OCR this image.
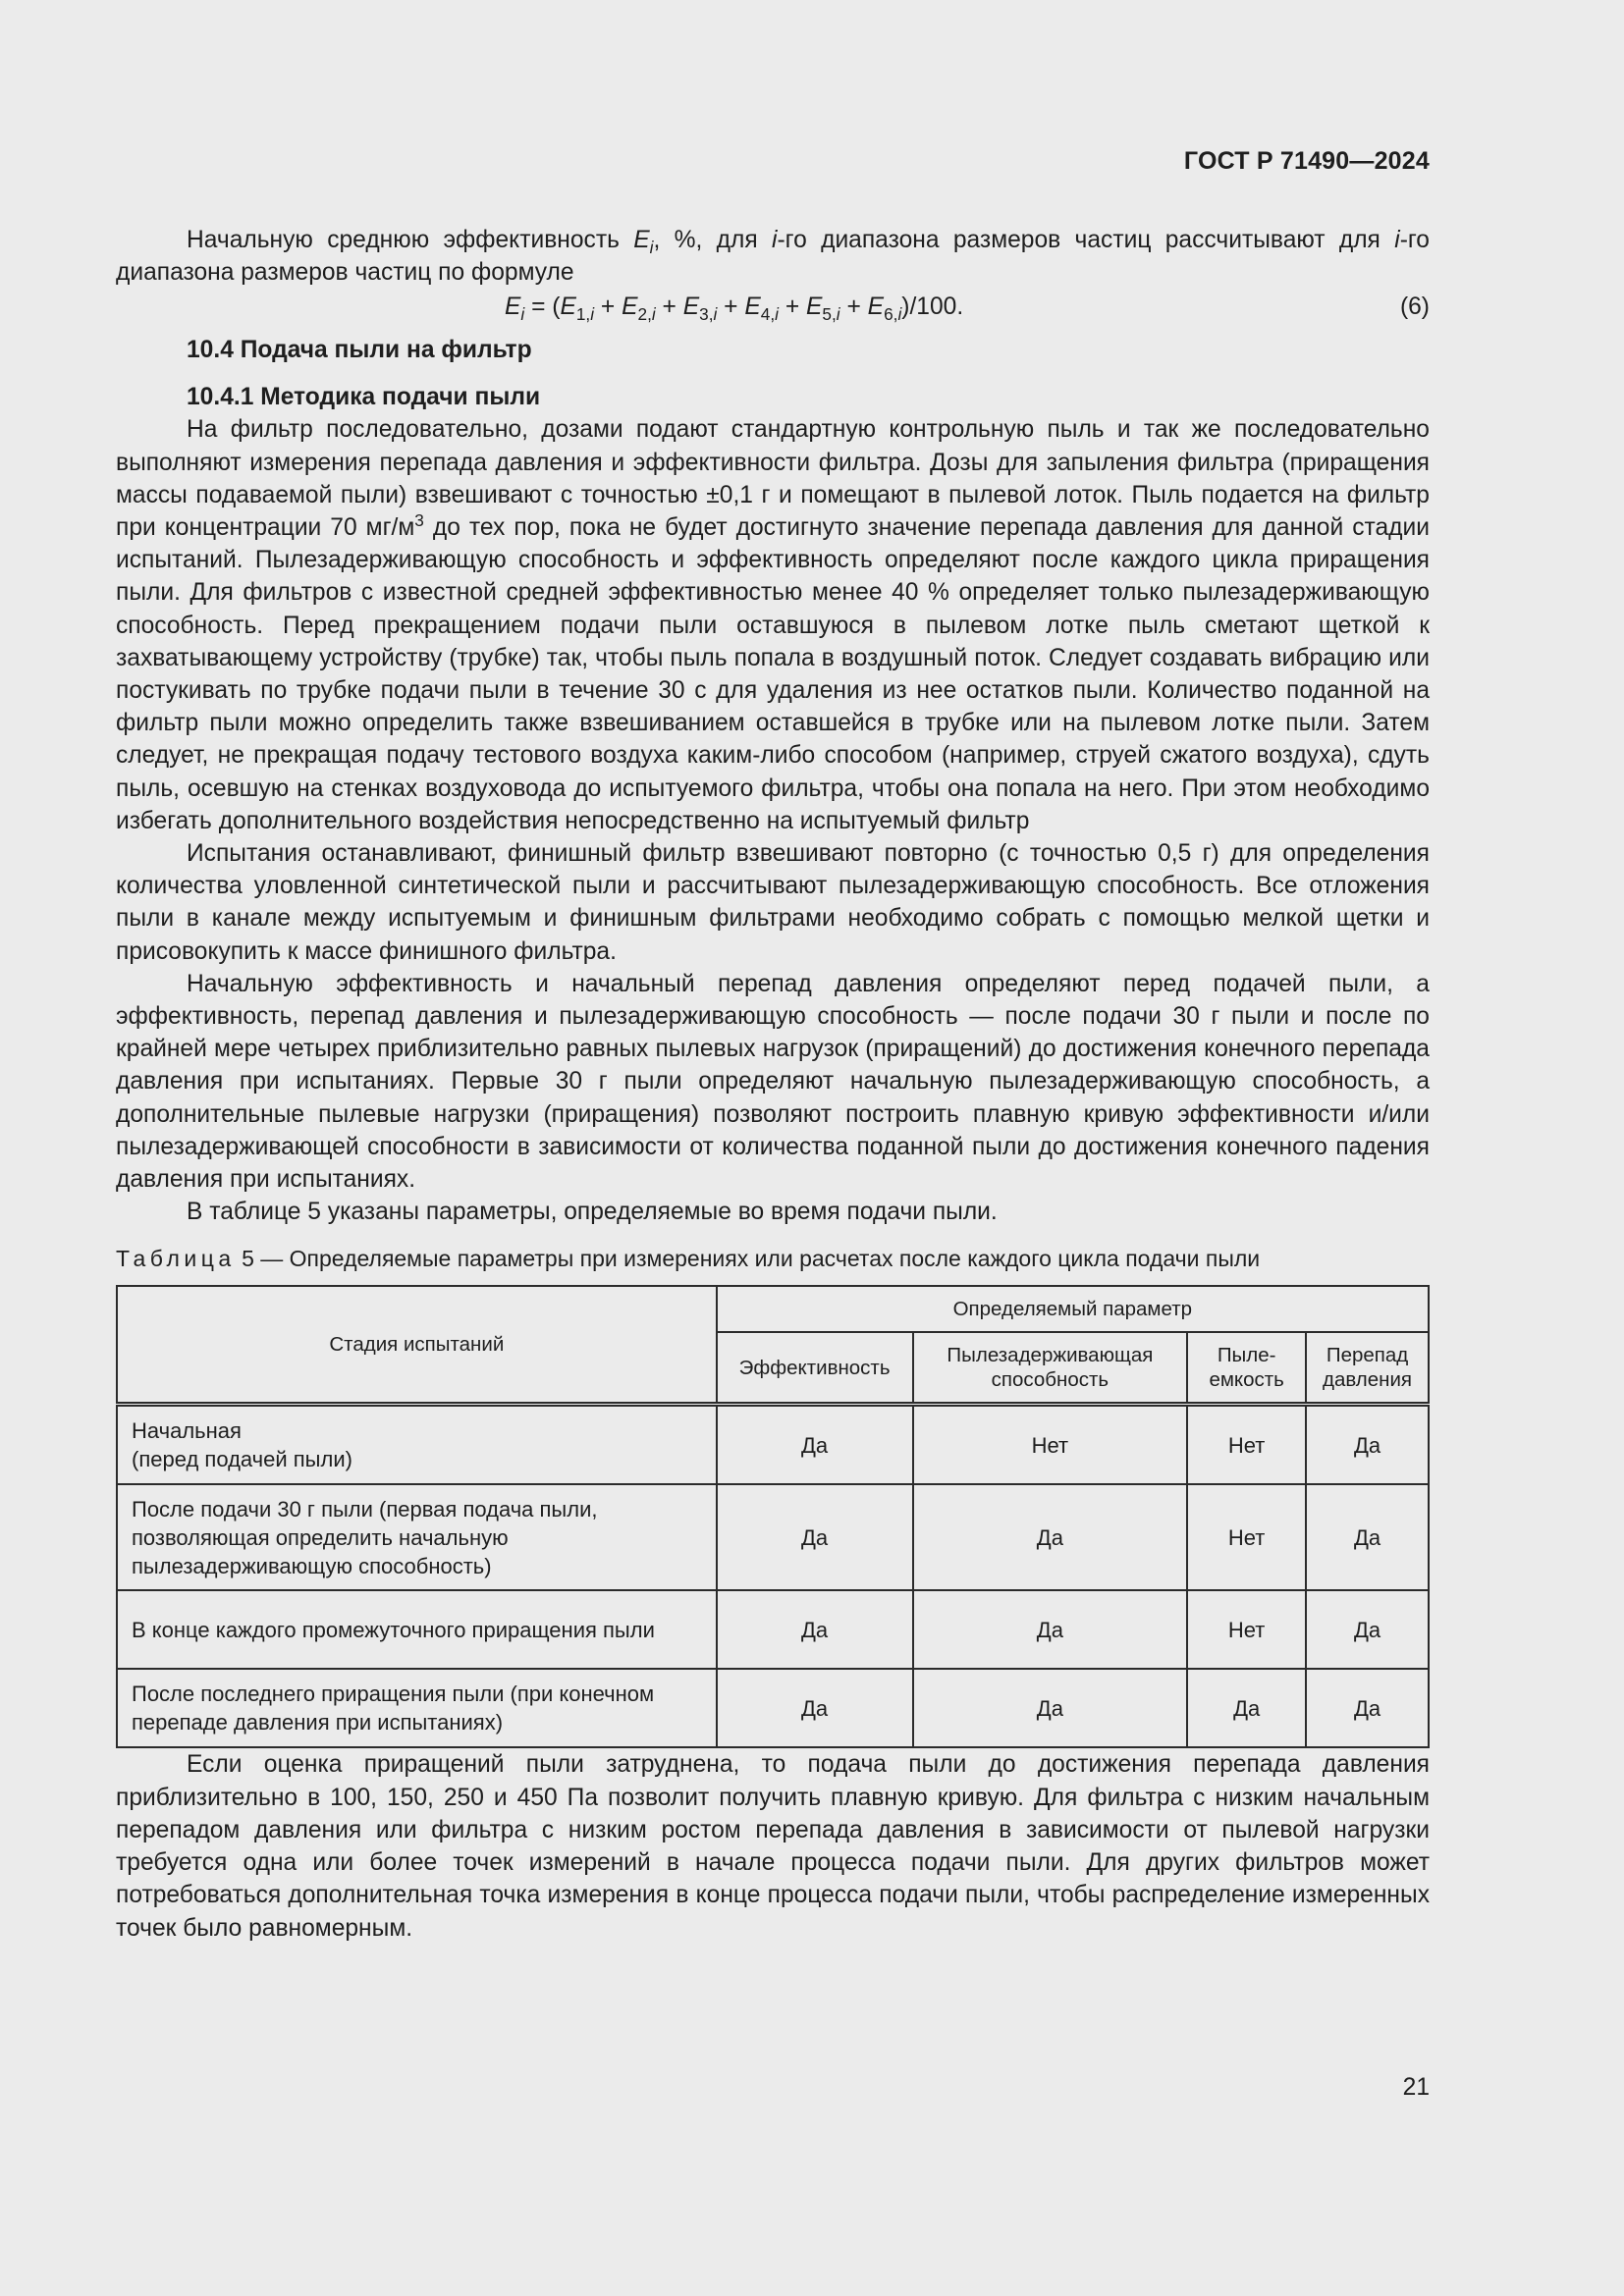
ГОСТ Р 71490—2024

Начальную среднюю эффективность $E_i$, %, для i-го диапазона размеров частиц рассчитывают для i-го диапазона размеров частиц по формуле

$E_i = (E_{1,i} + E_{2,i} + E_{3,i} + E_{4,i} + E_{5,i} + E_{6,i})/100$.	(6)
10.4 Подача пыли на фильтр
10.4.1 Методика подачи пыли

На фильтр последовательно, дозами подают стандартную контрольную пыль и так же последовательно выполняют измерения перепада давления и эффективности фильтра. Дозы для запыления фильтра (приращения массы подаваемой пыли) взвешивают с точностью ±0,1 г и помещают в пылевой лоток. Пыль подается на фильтр при концентрации 70 $мг/м^3$ до тех пор, пока не будет достигнуто значение перепада давления для данной стадии испытаний. Пылезадерживающую способность и эффективность определяют после каждого цикла приращения пыли. Для фильтров с известной средней эффективностью менее 40 % определяет только пылезадерживающую способность. Перед прекращением подачи пыли оставшуюся в пылевом лотке пыль сметают щеткой к захватывающему устройству (трубке) так, чтобы пыль попала в воздушный поток. Следует создавать вибрацию или постукивать по трубке подачи пыли в течение 30 с для удаления из нее остатков пыли. Количество поданной на фильтр пыли можно определить также взвешиванием оставшейся в трубке или на пылевом лотке пыли. Затем следует, не прекращая подачу тестового воздуха каким-либо способом (например, струей сжатого воздуха), сдуть пыль, осевшую на стенках воздуховода до испытуемого фильтра, чтобы она попала на него. При этом необходимо избегать дополнительного воздействия непосредственно на испытуемый фильтр

Испытания останавливают, финишный фильтр взвешивают повторно (с точностью 0,5 г) для определения количества уловленной синтетической пыли и рассчитывают пылезадерживающую способность. Все отложения пыли в канале между испытуемым и финишным фильтрами необходимо собрать с помощью мелкой щетки и присовокупить к массе финишного фильтра.

Начальную эффективность и начальный перепад давления определяют перед подачей пыли, а эффективность, перепад давления и пылезадерживающую способность — после подачи 30 г пыли и после по крайней мере четырех приблизительно равных пылевых нагрузок (приращений) до достижения конечного перепада давления при испытаниях. Первые 30 г пыли определяют начальную пылезадерживающую способность, а дополнительные пылевые нагрузки (приращения) позволяют построить плавную кривую эффективности и/или пылезадерживающей способности в зависимости от количества поданной пыли до достижения конечного падения давления при испытаниях.

В таблице 5 указаны параметры, определяемые во время подачи пыли.

Таблица 5 — Определяемые параметры при измерениях или расчетах после каждого цикла подачи пыли
Стадия испытаний	Определяемый параметр			
	Эффективность	Пылезадерживающая способность	Пыле-емкость	Перепад давления
Начальная
(перед подачей пыли)	Да	Нет	Нет	Да
После подачи 30 г пыли (первая подача пыли, позволяющая определить начальную пылезадерживающую способность)	Да	Да	Нет	Да
В конце каждого промежуточного приращения пыли	Да	Да	Нет	Да
После последнего приращения пыли (при конечном перепаде давления при испытаниях)	Да	Да	Да	Да

Если оценка приращений пыли затруднена, то подача пыли до достижения перепада давления приблизительно в 100, 150, 250 и 450 Па позволит получить плавную кривую. Для фильтра с низким начальным перепадом давления или фильтра с низким ростом перепада давления в зависимости от пылевой нагрузки требуется одна или более точек измерений в начале процесса подачи пыли. Для других фильтров может потребоваться дополнительная точка измерения в конце процесса подачи пыли, чтобы распределение измеренных точек было равномерным.

21
